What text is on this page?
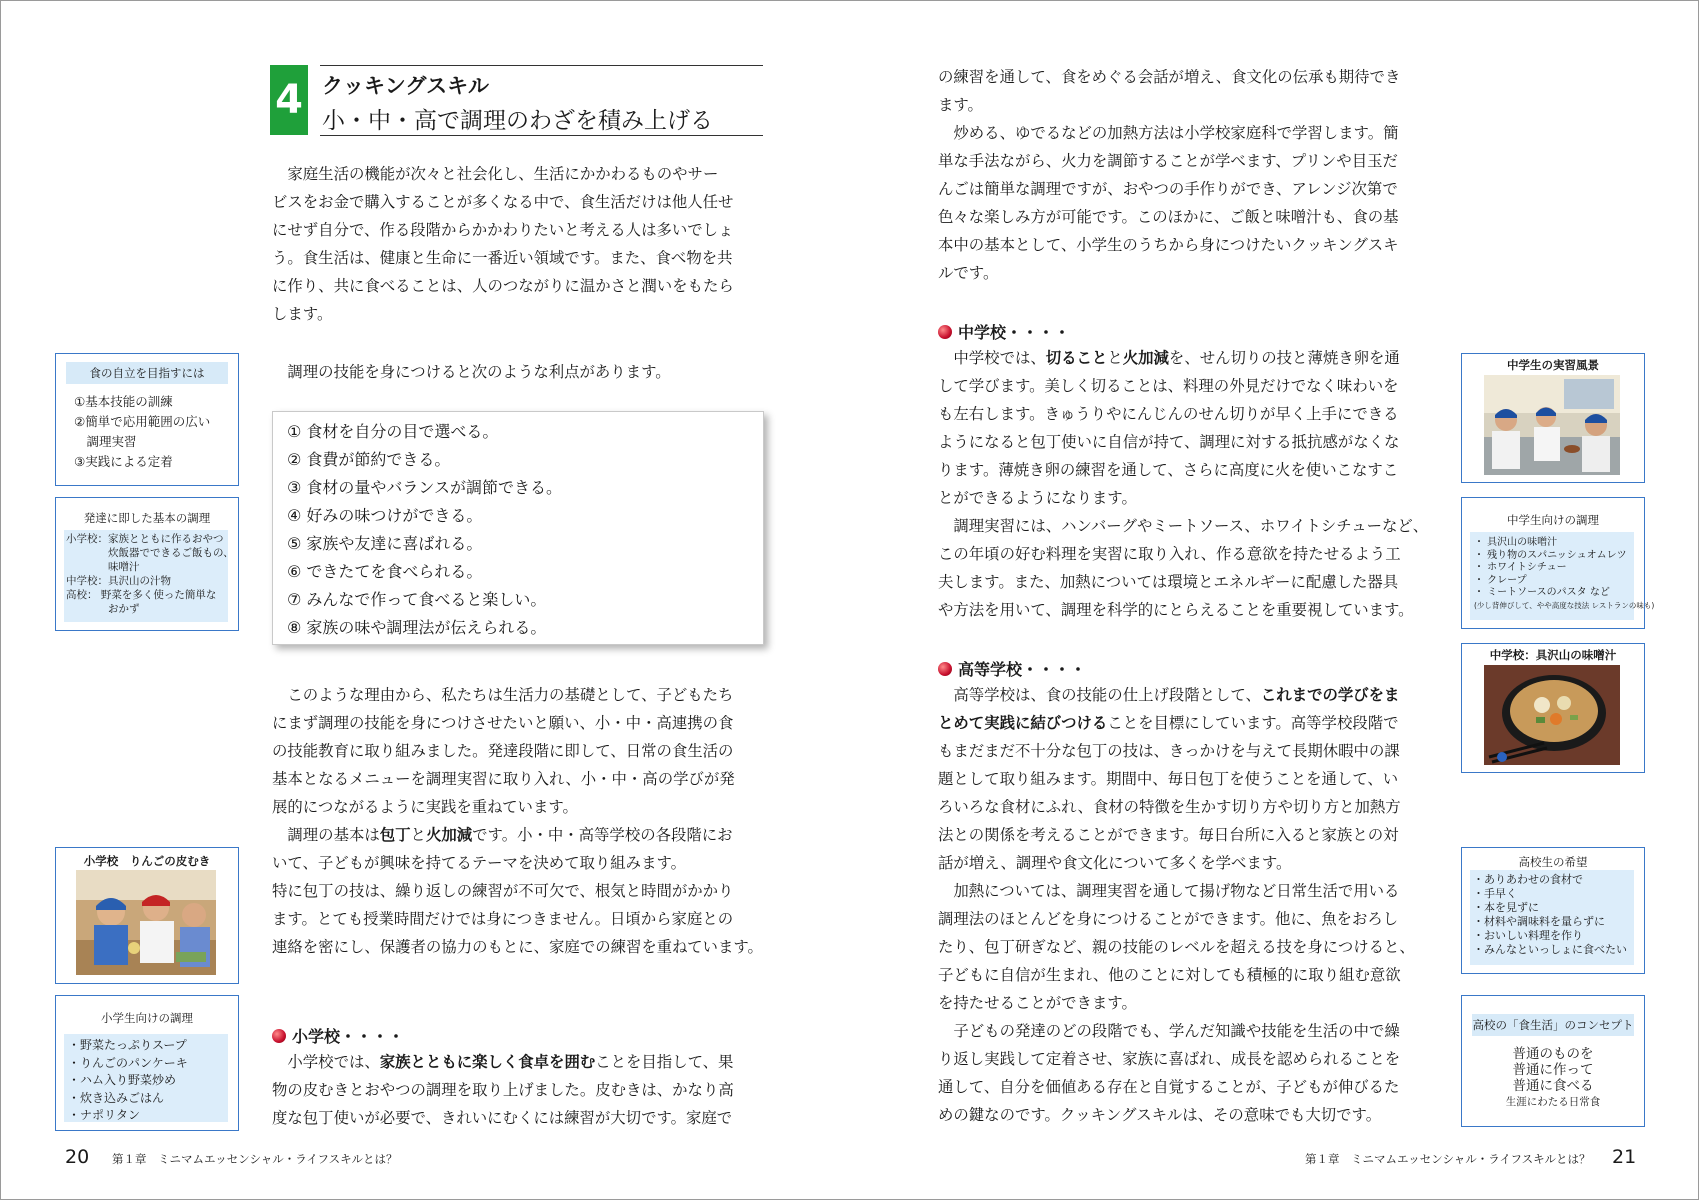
4 クッキングスキル
小・中・高で調理のわざを積み上げる
家庭生活の機能が次々と社会化し、生活にかかわるものやサー
ビスをお金で購入することが多くなる中で、食生活だけは他人任せ
にせず自分で、作る段階からかかわりたいと考える人は多いでしょ
う。食生活は、健康と生命に一番近い領域です。また、食べ物を共
に作り、共に食べることは、人のつながりに温かさと潤いをもたら
します。
調理の技能を身につけると次のような利点があります。
① 食材を自分の目で選べる。
② 食費が節約できる。
③ 食材の量やバランスが調節できる。
④ 好みの味つけができる。
⑤ 家族や友達に喜ばれる。
⑥ できたてを食べられる。
⑦ みんなで作って食べると楽しい。
⑧ 家族の味や調理法が伝えられる。
このような理由から、私たちは生活力の基礎として、子どもたち
にまず調理の技能を身につけさせたいと願い、小・中・高連携の食
の技能教育に取り組みました。発達段階に即して、日常の食生活の
基本となるメニューを調理実習に取り入れ、小・中・高の学びが発
展的につながるように実践を重ねています。
調理の基本は包丁と火加減です。小・中・高等学校の各段階にお
いて、子どもが興味を持てるテーマを決めて取り組みます。
特に包丁の技は、繰り返しの練習が不可欠で、根気と時間がかかり
ます。とても授業時間だけでは身につきません。日頃から家庭との
連絡を密にし、保護者の協力のもとに、家庭での練習を重ねています。
小学校・・・・
小学校では、家族とともに楽しく食卓を囲むことを目指して、果
物の皮むきとおやつの調理を取り上げました。皮むきは、かなり高
度な包丁使いが必要で、きれいにむくには練習が大切です。家庭で
食の自立を目指すには
①基本技能の訓練
②簡単で応用範囲の広い
　調理実習
③実践による定着
発達に即した基本の調理
小学校：家族とともに作るおやつ
　　　　炊飯器でできるご飯もの、
　　　　味噌汁
中学校：具沢山の汁物
高校： 野菜を多く使った簡単な
　　　　おかず
小学校　りんごの皮むき
小学生向けの調理
・野菜たっぷりスープ
・りんごのパンケーキ
・ハム入り野菜炒め
・炊き込みごはん
・ナポリタン
の練習を通して、食をめぐる会話が増え、食文化の伝承も期待でき
ます。
炒める、ゆでるなどの加熱方法は小学校家庭科で学習します。簡
単な手法ながら、火力を調節することが学べます、プリンや目玉だ
んごは簡単な調理ですが、おやつの手作りができ、アレンジ次第で
色々な楽しみ方が可能です。このほかに、ご飯と味噌汁も、食の基
本中の基本として、小学生のうちから身につけたいクッキングスキ
ルです。
中学校・・・・
中学校では、切ることと火加減を、せん切りの技と薄焼き卵を通
して学びます。美しく切ることは、料理の外見だけでなく味わいを
も左右します。きゅうりやにんじんのせん切りが早く上手にできる
ようになると包丁使いに自信が持て、調理に対する抵抗感がなくな
ります。薄焼き卵の練習を通して、さらに高度に火を使いこなすこ
とができるようになります。
調理実習には、ハンバーグやミートソース、ホワイトシチューなど、
この年頃の好む料理を実習に取り入れ、作る意欲を持たせるよう工
夫します。また、加熱については環境とエネルギーに配慮した器具
や方法を用いて、調理を科学的にとらえることを重要視しています。
高等学校・・・・
高等学校は、食の技能の仕上げ段階として、これまでの学びをま
とめて実践に結びつけることを目標にしています。高等学校段階で
もまだまだ不十分な包丁の技は、きっかけを与えて長期休暇中の課
題として取り組みます。期間中、毎日包丁を使うことを通して、い
ろいろな食材にふれ、食材の特徴を生かす切り方や切り方と加熱方
法との関係を考えることができます。毎日台所に入ると家族との対
話が増え、調理や食文化について多くを学べます。
加熱については、調理実習を通して揚げ物など日常生活で用いる
調理法のほとんどを身につけることができます。他に、魚をおろし
たり、包丁研ぎなど、親の技能のレベルを超える技を身につけると、
子どもに自信が生まれ、他のことに対しても積極的に取り組む意欲
を持たせることができます。
子どもの発達のどの段階でも、学んだ知識や技能を生活の中で繰
り返し実践して定着させ、家族に喜ばれ、成長を認められることを
通して、自分を価値ある存在と自覚することが、子どもが伸びるた
めの鍵なのです。クッキングスキルは、その意味でも大切です。
中学生の実習風景
中学生向けの調理
・ 具沢山の味噌汁
・ 残り物のスパニッシュオムレツ
・ ホワイトシチュー
・ クレープ
・ ミートソースのパスタ など
(少し背伸びして、やや高度な技法 レストランの味も)
中学校：具沢山の味噌汁
高校生の希望
・ありあわせの食材で
・手早く
・本を見ずに
・材料や調味料を量らずに
・おいしい料理を作り
・みんなといっしょに食べたい
高校の「食生活」のコンセプト
普通のものを
普通に作って
普通に食べる
生涯にわたる日常食
20 第１章　ミニマムエッセンシャル・ライフスキルとは？	第１章　ミニマムエッセンシャル・ライフスキルとは？ 21
